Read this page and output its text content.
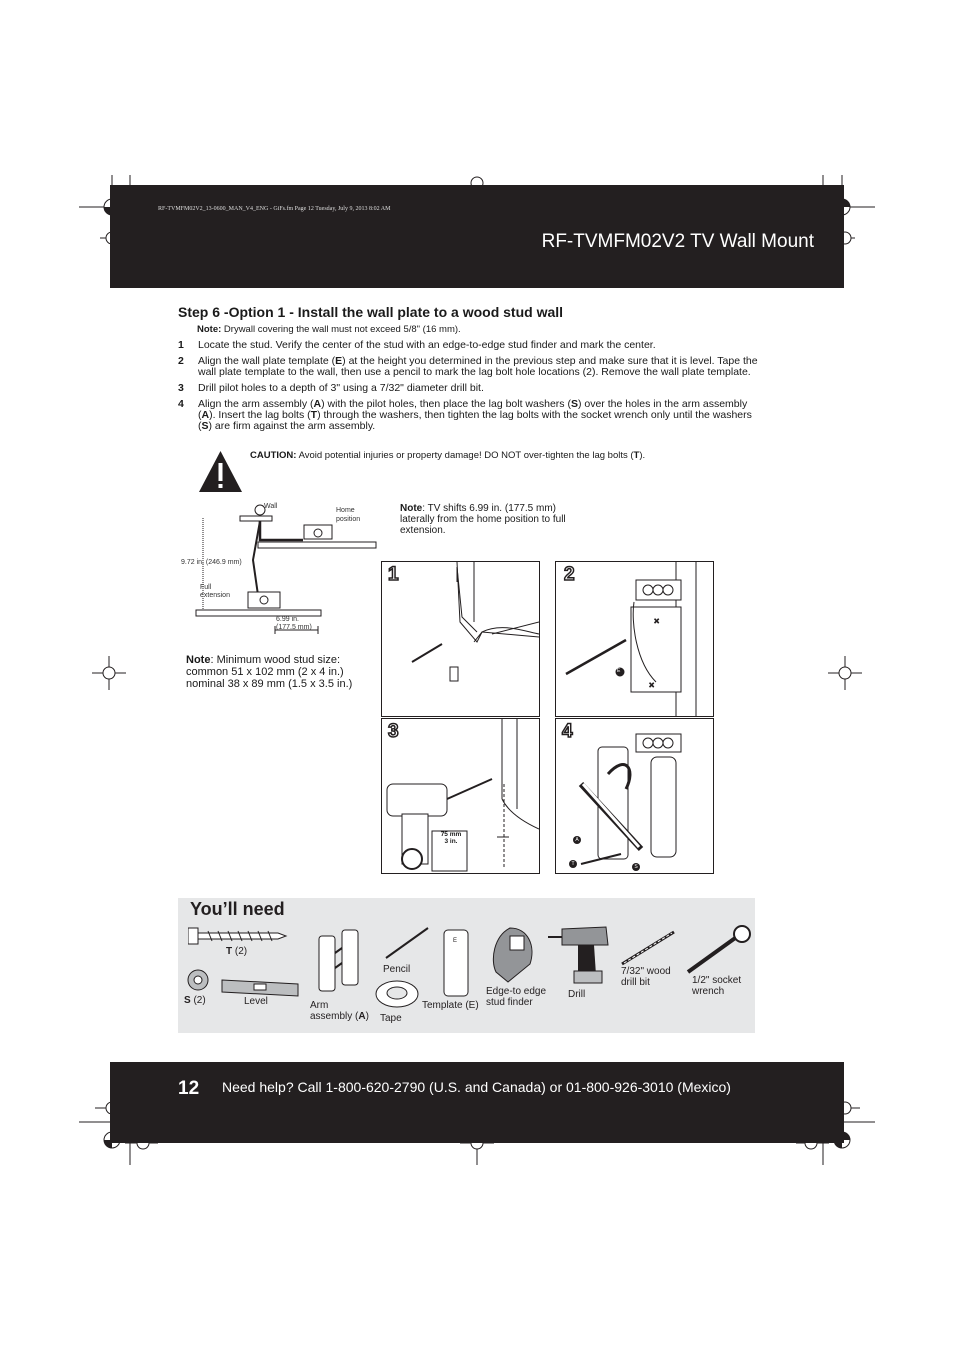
RF-TVMFM02V2_13-0600_MAN_V4_ENG - GiFs.fm Page 12 Tuesday, July 9, 2013 8:02 AM
RF-TVMFM02V2 TV Wall Mount
Step 6 -Option 1 - Install the wall plate to a wood stud wall
Note: Drywall covering the wall must not exceed 5/8" (16 mm).
1 Locate the stud. Verify the center of the stud with an edge-to-edge stud finder and mark the center.
2 Align the wall plate template (E) at the height you determined in the previous step and make sure that it is level. Tape the wall plate template to the wall, then use a pencil to mark the lag bolt hole locations (2). Remove the wall plate template.
3 Drill pilot holes to a depth of 3" using a 7/32" diameter drill bit.
4 Align the arm assembly (A) with the pilot holes, then place the lag bolt washers (S) over the holes in the arm assembly (A). Insert the lag bolts (T) through the washers, then tighten the lag bolts with the socket wrench only until the washers (S) are firm against the arm assembly.
CAUTION: Avoid potential injuries or property damage! DO NOT over-tighten the lag bolts (T).
Wall
Home
position
9.72 in. (246.9 mm)
Full
extension
6.99 in.
(177.5 mm)
Note: TV shifts 6.99 in. (177.5 mm) laterally from the home position to full extension.
Note: Minimum wood stud size: common 51 x 102 mm (2 x 4 in.) nominal 38 x 89 mm (1.5 x 3.5 in.)
1	2
×
×
E
3
75 mm
3 in.
4
A
T	S
You’ll need
T (2)
S (2)	Level	Arm
assembly (A)
Pencil
Tape
E
Template (E)
Edge-to edge
stud finder
Drill
7/32" wood
drill bit	1/2" socket
wrench
12 Need help? Call 1-800-620-2790 (U.S. and Canada) or 01-800-926-3010 (Mexico)
